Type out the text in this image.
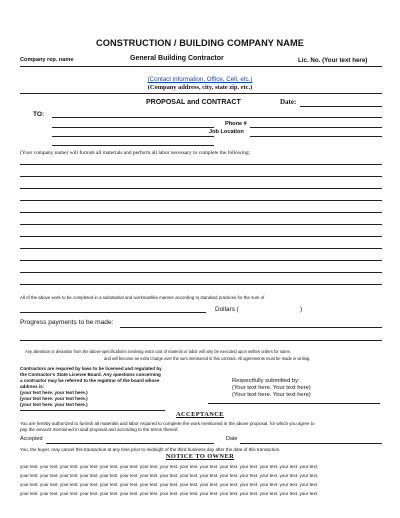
CONSTRUCTION / BUILDING COMPANY NAME
Company rep. name	General Building Contractor	Lic. No. (Your text here)
(Contact information, Office, Cell, etc.)
(Company address, city, state zip, etc.)
PROPOSAL and CONTRACT	Date:
TO:
Phone #
Job Location
(Your company name) will furnish all materials and perform all labor necessary to complete the following:
All of the above work to be completed in a substantial and workmanlike manner according to standard practices for the sum of
Dollars (	)
Progress payments to be made:
Any alteration or deviation from the above specifications involving extra cost of material or labor will only be executed upon written orders for same,
and will become an extra charge over the sum mentioned in this contract. All agreements must be made in writing.
Contractors are required by laws to be licensed and regulated by
the Contractor's State License Board. Any questions concerning
a contractor may be referred to the registrar of the board whose
address is:
(your text here. your text here.)
(your text here. your text here.)
(your text here. your text here.)
Respectfully submitted by:
(Your text here. Your text here)
(Your text here. Your text here)
ACCEPTANCE
You are hereby authorized to furnish all materials and labor required to complete the work mentioned in the above proposal, for which you agree to
pay the amount mentioned in said proposal and according to the terms thereof.
Accepted	Date
You, the buyer, may cancel this transaction at any time prior to midnight of the third business day after the date of this transaction.
NOTICE TO OWNER
your text. your text. your text. your text. your text. your text. your text. your text. your text. your text. your text. your text. your text. your text. your text.
your text. your text. your text. your text. your text. your text. your text. your text. your text. your text. your text. your text. your text. your text. your text.
your text. your text. your text. your text. your text. your text. your text. your text. your text. your text. your text. your text. your text. your text. your text.
your text. your text. your text. your text. your text. your text. your text. your text. your text. your text. your text. your text. your text. your text. your text.
